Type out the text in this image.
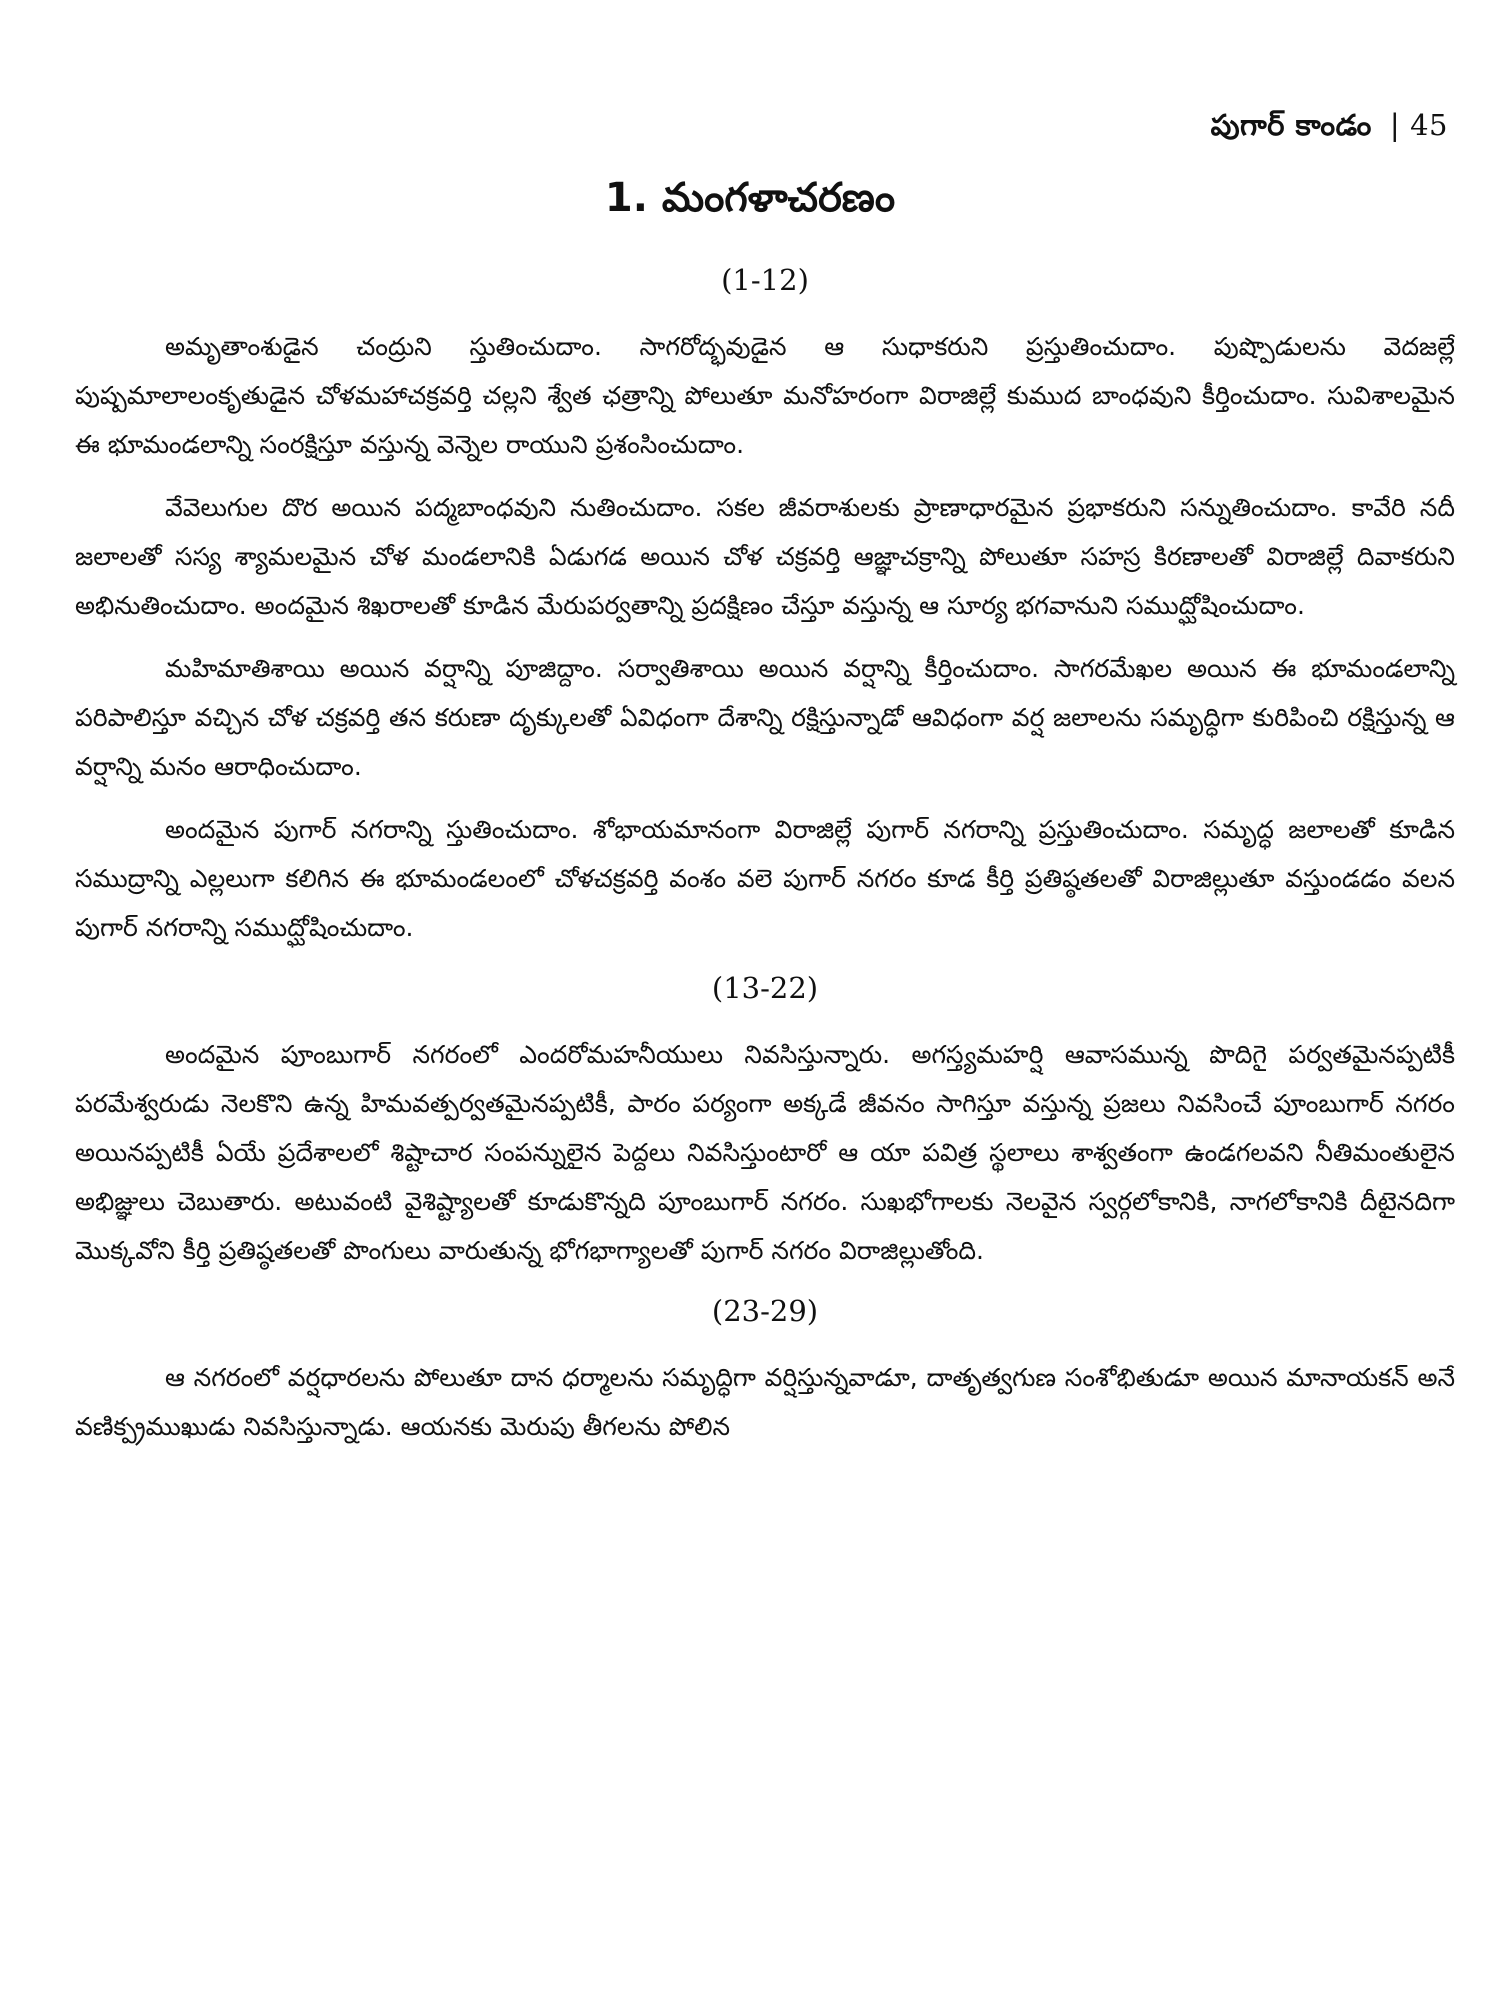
పుగార్ కాండం | 45
1. మంగళాచరణం
(1-12)

అమృతాంశుడైన చంద్రుని స్తుతించుదాం. సాగరోద్భవుడైన ఆ సుధాకరుని ప్రస్తుతించుదాం. పుష్పొడులను వెదజల్లే పుష్పమాలాలంకృతుడైన చోళమహాచక్రవర్తి చల్లని శ్వేత ఛత్రాన్ని పోలుతూ మనోహరంగా విరాజిల్లే కుముద బాంధవుని కీర్తించుదాం. సువిశాలమైన ఈ భూమండలాన్ని సంరక్షిస్తూ వస్తున్న వెన్నెల రాయుని ప్రశంసించుదాం.

వేవెలుగుల దొర అయిన పద్మబాంధవుని నుతించుదాం. సకల జీవరాశులకు ప్రాణాధారమైన ప్రభాకరుని సన్నుతించుదాం. కావేరి నదీ జలాలతో సస్య శ్యామలమైన చోళ మండలానికి ఏడుగడ అయిన చోళ చక్రవర్తి ఆజ్ఞాచక్రాన్ని పోలుతూ సహస్ర కిరణాలతో విరాజిల్లే దివాకరుని అభినుతించుదాం. అందమైన శిఖరాలతో కూడిన మేరుపర్వతాన్ని ప్రదక్షిణం చేస్తూ వస్తున్న ఆ సూర్య భగవానుని సముద్ఘోషించుదాం.

మహిమాతిశాయి అయిన వర్షాన్ని పూజిద్దాం. సర్వాతిశాయి అయిన వర్షాన్ని కీర్తించుదాం. సాగరమేఖల అయిన ఈ భూమండలాన్ని పరిపాలిస్తూ వచ్చిన చోళ చక్రవర్తి తన కరుణా దృక్కులతో ఏవిధంగా దేశాన్ని రక్షిస్తున్నాడో ఆవిధంగా వర్ష జలాలను సమృద్ధిగా కురిపించి రక్షిస్తున్న ఆ వర్షాన్ని మనం ఆరాధించుదాం.

అందమైన పుగార్ నగరాన్ని స్తుతించుదాం. శోభాయమానంగా విరాజిల్లే పుగార్ నగరాన్ని ప్రస్తుతించుదాం. సమృద్ధ జలాలతో కూడిన సముద్రాన్ని ఎల్లలుగా కలిగిన ఈ భూమండలంలో చోళచక్రవర్తి వంశం వలె పుగార్ నగరం కూడ కీర్తి ప్రతిష్ఠతలతో విరాజిల్లుతూ వస్తుండడం వలన పుగార్ నగరాన్ని సముద్ఘోషించుదాం.

(13-22)

అందమైన పూంబుగార్ నగరంలో ఎందరోమహనీయులు నివసిస్తున్నారు. అగస్త్యమహర్షి ఆవాసమున్న పొదిగై పర్వతమైనప్పటికీ పరమేశ్వరుడు నెలకొని ఉన్న హిమవత్పర్వతమైనప్పటికీ, పారం పర్యంగా అక్కడే జీవనం సాగిస్తూ వస్తున్న ప్రజలు నివసించే పూంబుగార్ నగరం అయినప్పటికీ ఏయే ప్రదేశాలలో శిష్టాచార సంపన్నులైన పెద్దలు నివసిస్తుంటారో ఆ యా పవిత్ర స్థలాలు శాశ్వతంగా ఉండగలవని నీతిమంతులైన అభిజ్ఞులు చెబుతారు. అటువంటి వైశిష్ట్యాలతో కూడుకొన్నది పూంబుగార్ నగరం. సుఖభోగాలకు నెలవైన స్వర్గలోకానికి, నాగలోకానికి దీటైనదిగా మొక్కవోని కీర్తి ప్రతిష్ఠతలతో పొంగులు వారుతున్న భోగభాగ్యాలతో పుగార్ నగరం విరాజిల్లుతోంది.

(23-29)

ఆ నగరంలో వర్షధారలను పోలుతూ దాన ధర్మాలను సమృద్ధిగా వర్షిస్తున్నవాడూ, దాతృత్వగుణ సంశోభితుడూ అయిన మానాయకన్ అనే వణిక్ప్రముఖుడు నివసిస్తున్నాడు. ఆయనకు మెరుపు తీగలను పోలిన
